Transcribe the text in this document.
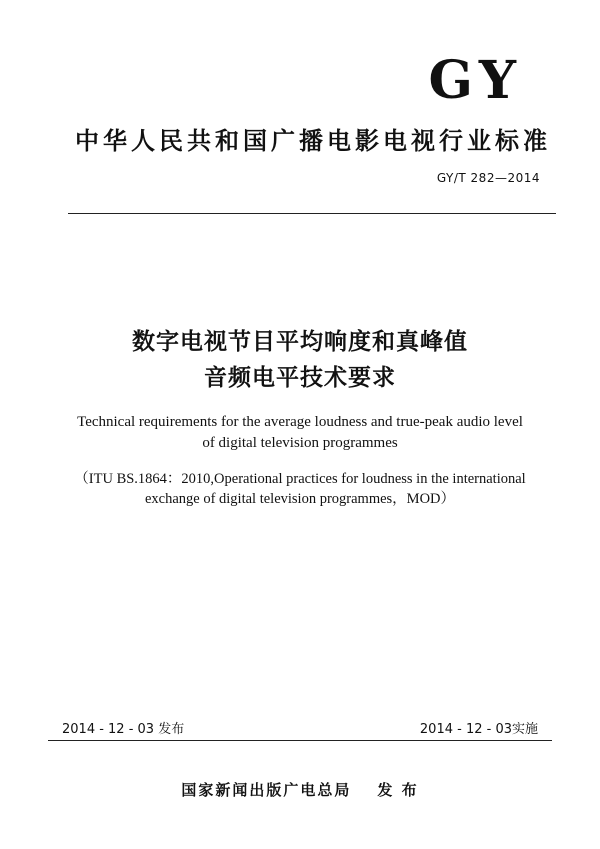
GY
中华人民共和国广播电影电视行业标准
GY/T 282—2014
数字电视节目平均响度和真峰值
音频电平技术要求
Technical requirements for the average loudness and true-peak audio level
of digital television programmes
（ITU BS.1864：2010,Operational practices for loudness in the international
exchange of digital television programmes，MOD）
2014 - 12 - 03 发布	2014 - 12 - 03实施
国家新闻出版广电总局 发 布
